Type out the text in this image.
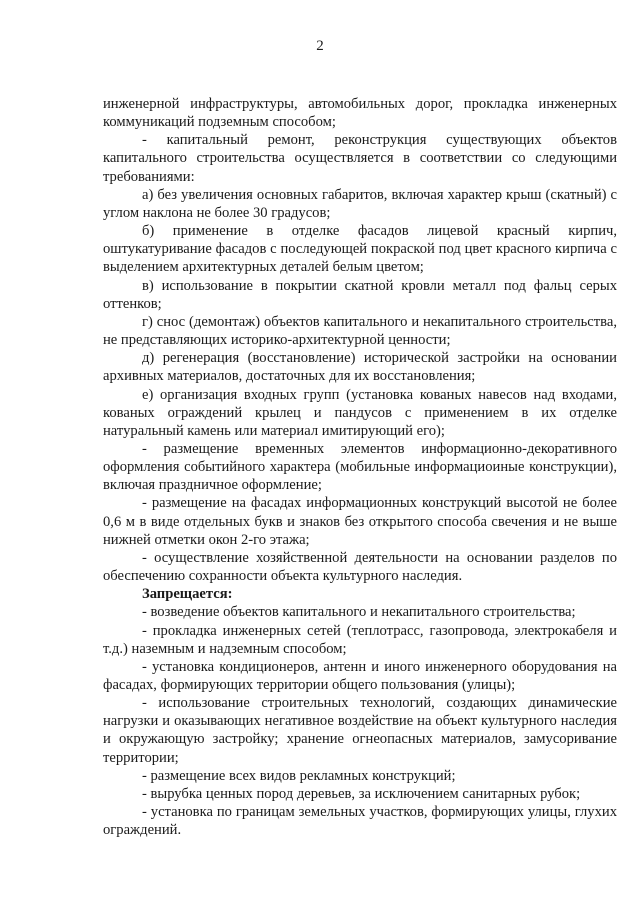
2

инженерной инфраструктуры, автомобильных дорог, прокладка инженерных коммуникаций подземным способом;

- капитальный ремонт, реконструкция существующих объектов капитального строительства осуществляется в соответствии со следующими требованиями:

а) без увеличения основных габаритов, включая характер крыш (скатный) с углом наклона не более 30 градусов;

б) применение в отделке фасадов лицевой красный кирпич, оштукатуривание фасадов с последующей покраской под цвет красного кирпича с выделением архитектурных деталей белым цветом;

в) использование в покрытии скатной кровли металл под фальц серых оттенков;

г) снос (демонтаж) объектов капитального и некапитального строительства, не представляющих историко-архитектурной ценности;

д) регенерация (восстановление) исторической застройки на основании архивных материалов, достаточных для их восстановления;

е) организация входных групп (установка кованых навесов над входами, кованых ограждений крылец и пандусов с применением в их отделке натуральный камень или материал имитирующий его);

- размещение временных элементов информационно-декоративного оформления событийного характера (мобильные информациоиные конструкции), включая праздничное оформление;

- размещение на фасадах информационных конструкций высотой не более 0,6 м в виде отдельных букв и знаков без открытого способа свечения и не выше нижней отметки окон 2-го этажа;

- осуществление хозяйственной деятельности на основании разделов по обеспечению сохранности объекта культурного наследия.

Запрещается:

- возведение объектов капитального и некапитального строительства;

- прокладка инженерных сетей (теплотрасс, газопровода, электрокабеля и т.д.) наземным и надземным способом;

- установка кондиционеров, антенн и иного инженерного оборудования на фасадах, формирующих территории общего пользования (улицы);

- использование строительных технологий, создающих динамические нагрузки и оказывающих негативное воздействие на объект культурного наследия и окружающую застройку; хранение огнеопасных материалов, замусоривание территории;

- размещение всех видов рекламных конструкций;

- вырубка ценных пород деревьев, за исключением санитарных рубок;

- установка по границам земельных участков, формирующих улицы, глухих ограждений.
